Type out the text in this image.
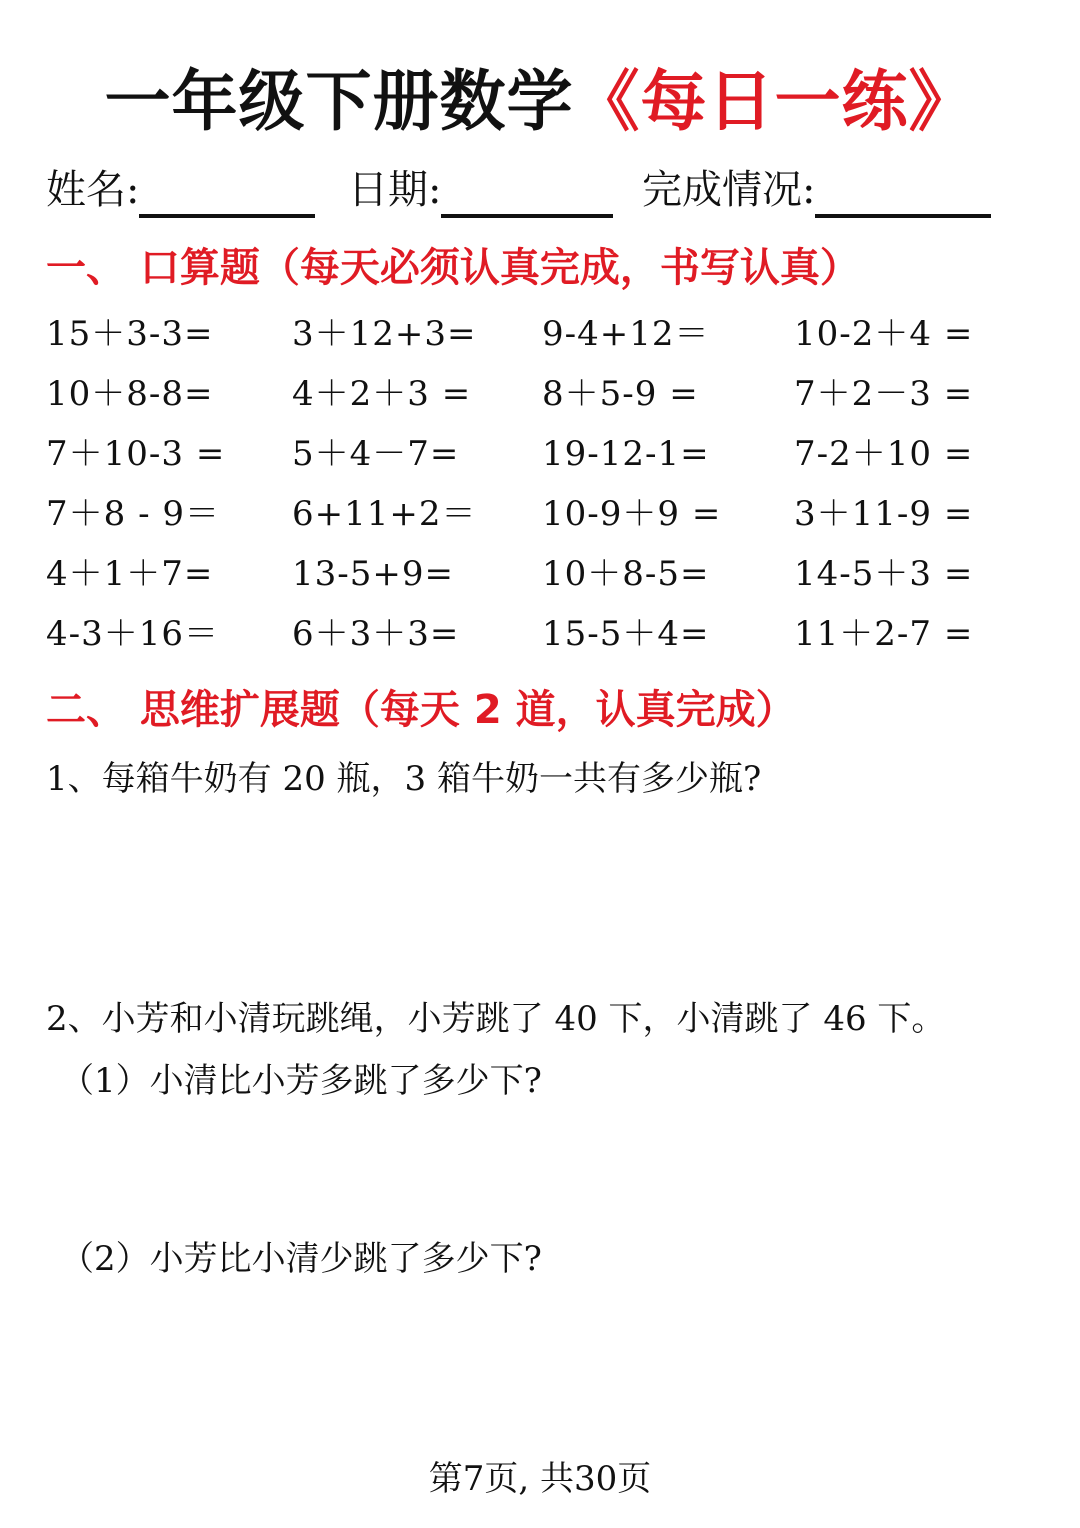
一年级下册数学《每日一练》
姓名:	日期:	完成情况:
一、 口算题（每天必须认真完成，书写认真）
15＋3-3= 3＋12+3= 9-4+12＝ 10-2＋4 =
10＋8-8= 4＋2＋3 = 8＋5-9 =	7＋2－3 =
7＋10-3 = 5＋4－7= 19-12-1= 7-2＋10 =
7＋8 - 9＝ 6+11+2＝ 10-9＋9 = 3＋11-9 =
4＋1＋7= 13-5+9=	10＋8-5= 14-5＋3 =
4-3＋16＝ 6＋3＋3= 15-5＋4= 11＋2-7 =
二、 思维扩展题（每天 2 道，认真完成）
1、每箱牛奶有 20 瓶，3 箱牛奶一共有多少瓶?
2、小芳和小清玩跳绳，小芳跳了 40 下，小清跳了 46 下。
（1）小清比小芳多跳了多少下?
（2）小芳比小清少跳了多少下?
第7页, 共30页
